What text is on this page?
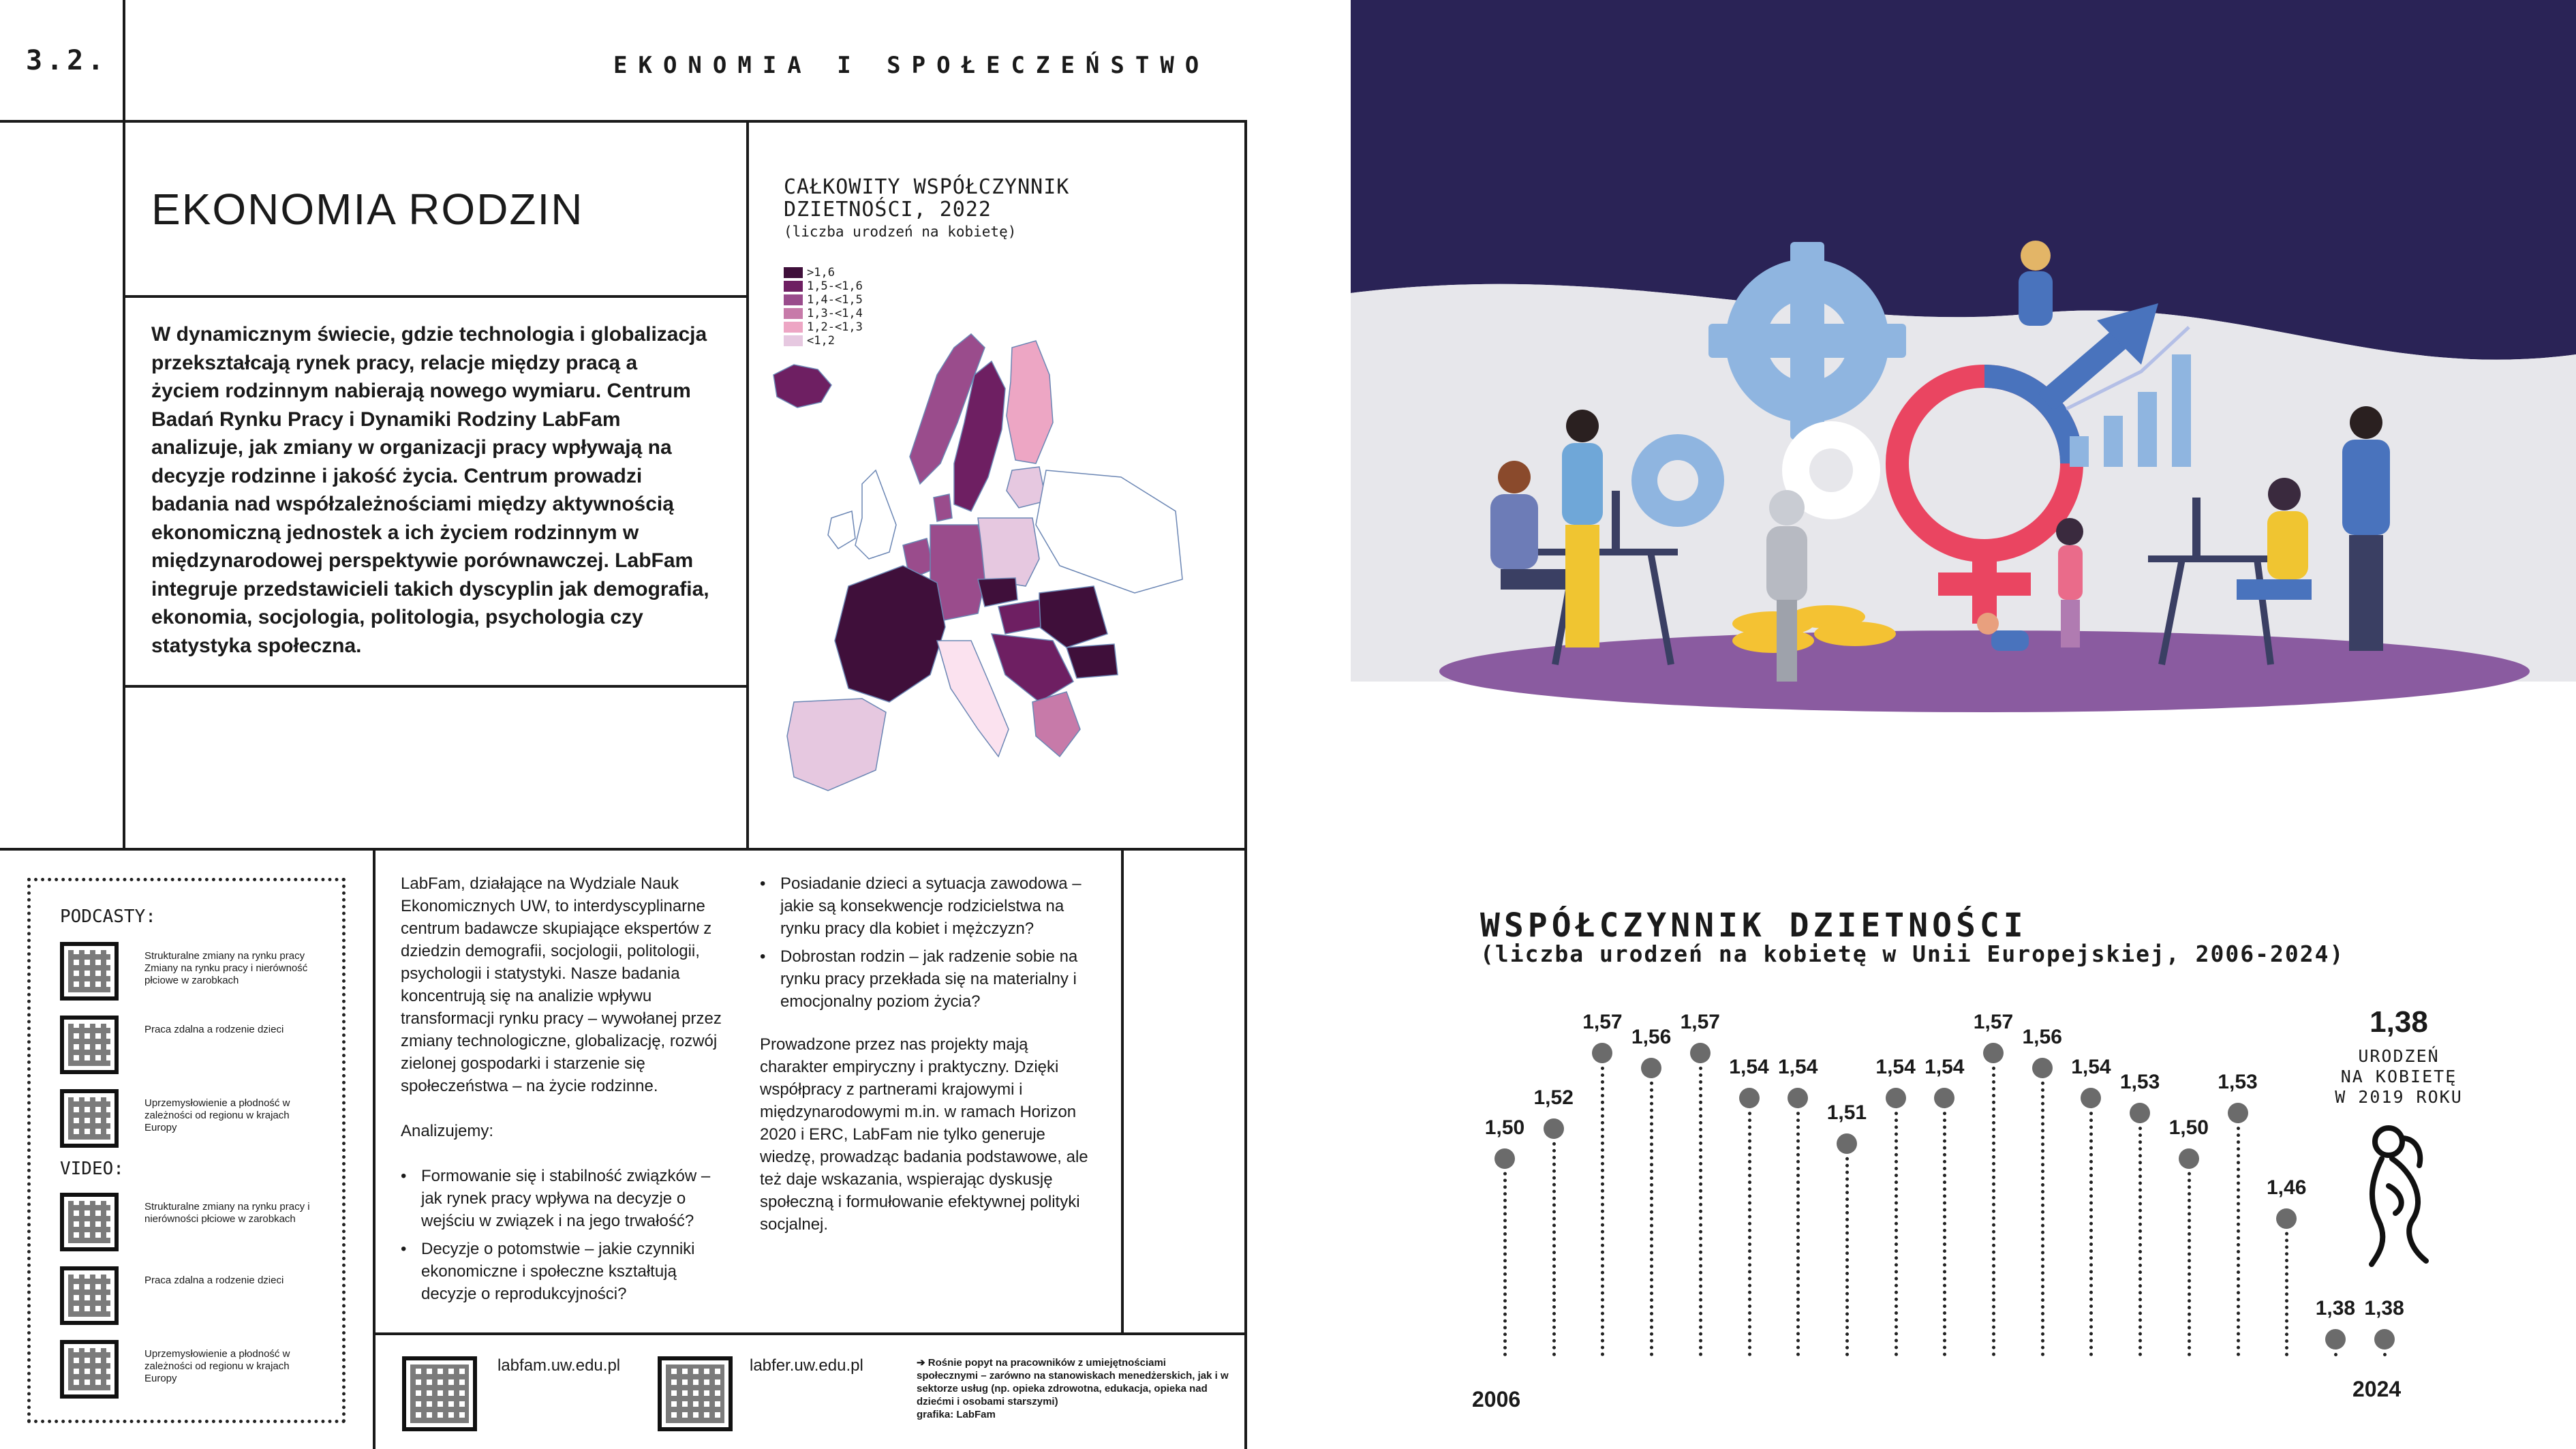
3.2.	EKONOMIA I SPOŁECZEŃSTWO
EKONOMIA RODZIN
W dynamicznym świecie, gdzie technologia i globalizacja przekształcają rynek pracy, relacje między pracą a życiem rodzinnym nabierają nowego wymiaru. Centrum Badań Rynku Pracy i Dynamiki Rodziny LabFam analizuje, jak zmiany w organizacji pracy wpływają na decyzje rodzinne i jakość życia. Centrum prowadzi badania nad współzależnościami między aktywnością ekonomiczną jednostek a ich życiem rodzinnym w międzynarodowej perspektywie porównawczej. LabFam integruje przedstawicieli takich dyscyplin jak demografia, ekonomia, socjologia, politologia, psychologia czy statystyka społeczna.
CAŁKOWITY WSPÓŁCZYNNIK
DZIETNOŚCI, 2022
(liczba urodzeń na kobietę)
>1,6
1,5-<1,6
1,4-<1,5
1,3-<1,4
1,2-<1,3
<1,2
PODCASTY:
Strukturalne zmiany na rynku pracy Zmiany na rynku pracy i nierówność płciowe w zarobkach
Praca zdalna a rodzenie dzieci
Uprzemysłowienie a płodność w zależności od regionu w krajach Europy
VIDEO:
Strukturalne zmiany na rynku pracy i nierówności płciowe w zarobkach
Praca zdalna a rodzenie dzieci
Uprzemysłowienie a płodność w zależności od regionu w krajach Europy

LabFam, działające na Wydziale Nauk Ekonomicznych UW, to interdyscyplinarne centrum badawcze skupiające ekspertów z dziedzin demografii, socjologii, politologii, psychologii i statystyki. Nasze badania koncentrują się na analizie wpływu transformacji rynku pracy – wywołanej przez zmiany technologiczne, globalizację, rozwój zielonej gospodarki i starzenie się społeczeństwa – na życie rodzinne.

Analizujemy:

• Formowanie się i stabilność związków – jak rynek pracy wpływa na decyzje o wejściu w związek i na jego trwałość?
• Decyzje o potomstwie – jakie czynniki ekonomiczne i społeczne kształtują decyzje o reprodukcyjności?
• Posiadanie dzieci a sytuacja zawodowa – jakie są konsekwencje rodzicielstwa na rynku pracy dla kobiet i mężczyzn?
• Dobrostan rodzin – jak radzenie sobie na rynku pracy przekłada się na materialny i emocjonalny poziom życia?

Prowadzone przez nas projekty mają charakter empiryczny i praktyczny. Dzięki współpracy z partnerami krajowymi i międzynarodowymi m.in. w ramach Horizon 2020 i ERC, LabFam nie tylko generuje wiedzę, prowadząc badania podstawowe, ale też daje wskazania, wspierając dyskusję społeczną i formułowanie efektywnej polityki socjalnej.

labfam.uw.edu.pl	labfer.uw.edu.pl	➔ Rośnie popyt na pracowników z umiejętnościami społecznymi – zarówno na stanowiskach menedżerskich, jak i w sektorze usług (np. opieka zdrowotna, edukacja, opieka nad dziećmi i osobami starszymi)
grafika: LabFam
WSPÓŁCZYNNIK DZIETNOŚCI
(liczba urodzeń na kobietę w Unii Europejskiej, 2006-2024)
1,50
1,52
1,57
1,56
1,57
1,54 1,54
1,51
1,54 1,54
1,57
1,56
1,54
1,53
1,50
1,53
1,46
1,38 1,38
2006	2024
1,38
URODZEŃ
NA KOBIETĘ
W 2019 ROKU
